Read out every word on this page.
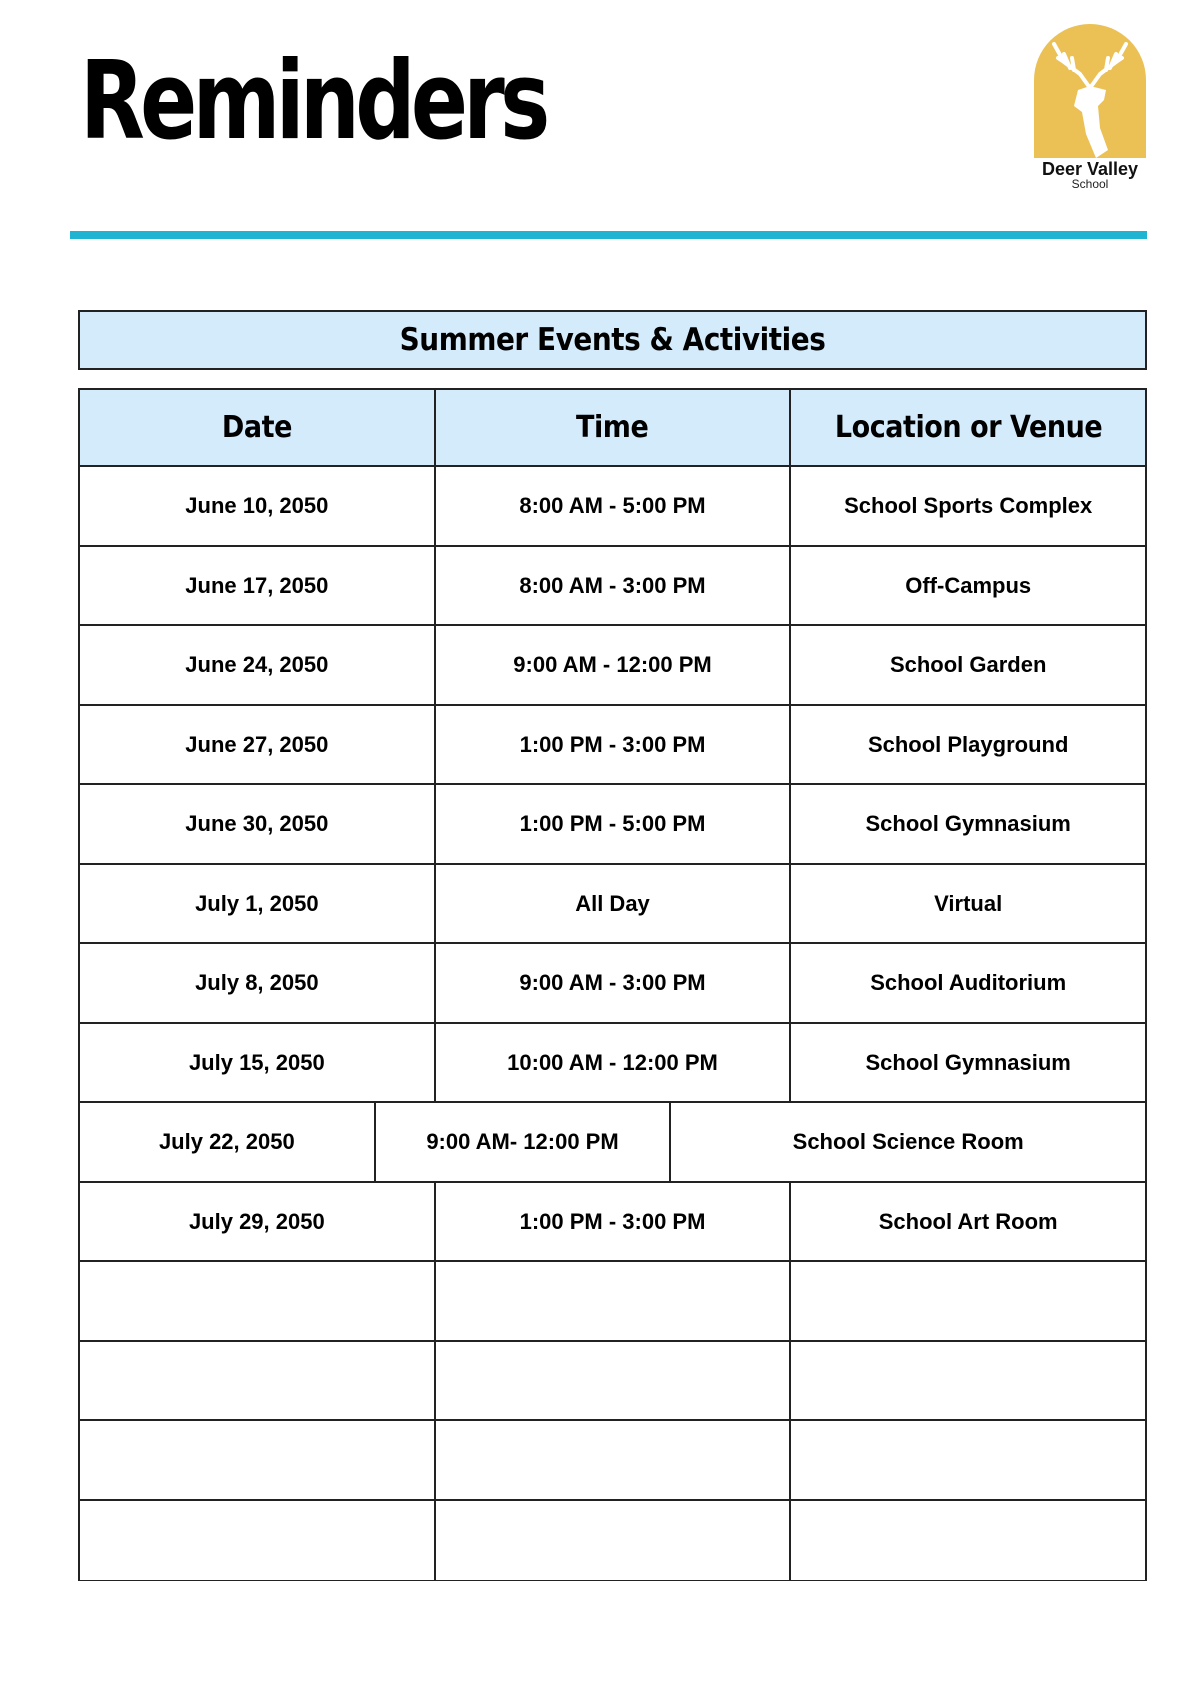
Reminders
Deer Valley
School
Summer Events & Activities
Date	Time	Location or Venue
June 10, 2050	8:00 AM - 5:00 PM	School Sports Complex
June 17, 2050	8:00 AM - 3:00 PM	Off-Campus
June 24, 2050	9:00 AM - 12:00 PM	School Garden
June 27, 2050	1:00 PM - 3:00 PM	School Playground
June 30, 2050	1:00 PM - 5:00 PM	School Gymnasium
July 1, 2050	All Day	Virtual
July 8, 2050	9:00 AM - 3:00 PM	School Auditorium
July 15, 2050	10:00 AM - 12:00 PM	School Gymnasium
July 22, 2050	9:00 AM- 12:00 PM	School Science Room
July 29, 2050	1:00 PM - 3:00 PM	School Art Room
